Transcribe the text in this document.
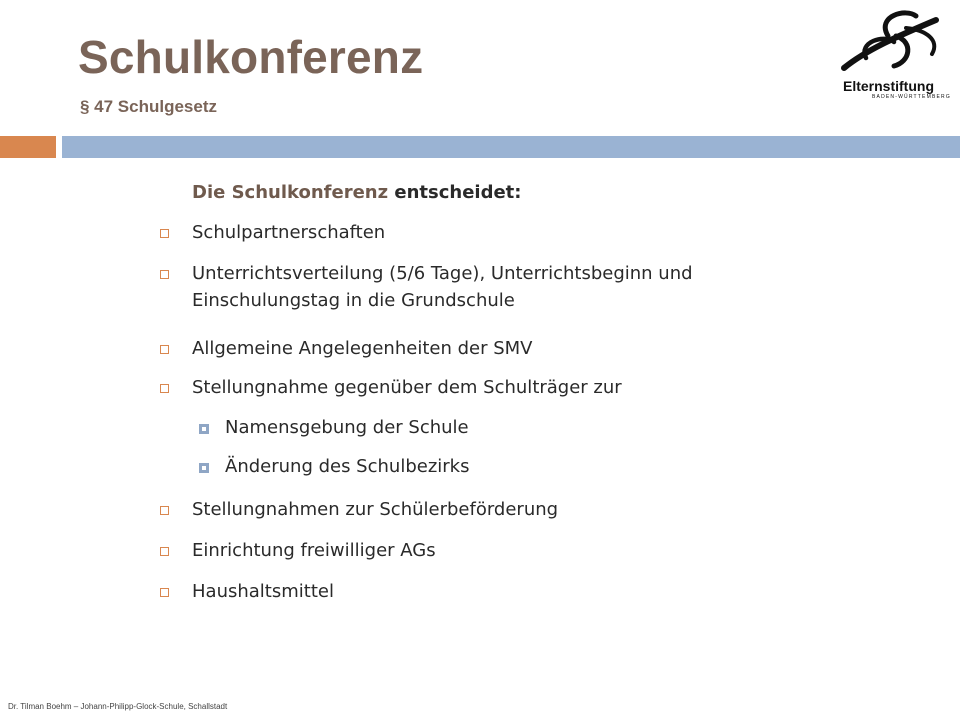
Schulkonferenz
§ 47 Schulgesetz
Elternstiftung
BADEN-WÜRTTEMBERG
Die Schulkonferenz entscheidet:
Schulpartnerschaften
Unterrichtsverteilung (5/6 Tage), Unterrichtsbeginn und Einschulungstag in die Grundschule
Allgemeine Angelegenheiten der SMV
Stellungnahme gegenüber dem Schulträger zur
Namensgebung der Schule
Änderung des Schulbezirks
Stellungnahmen zur Schülerbeförderung
Einrichtung freiwilliger AGs
Haushaltsmittel
Dr. Tilman Boehm – Johann-Philipp-Glock-Schule, Schallstadt
